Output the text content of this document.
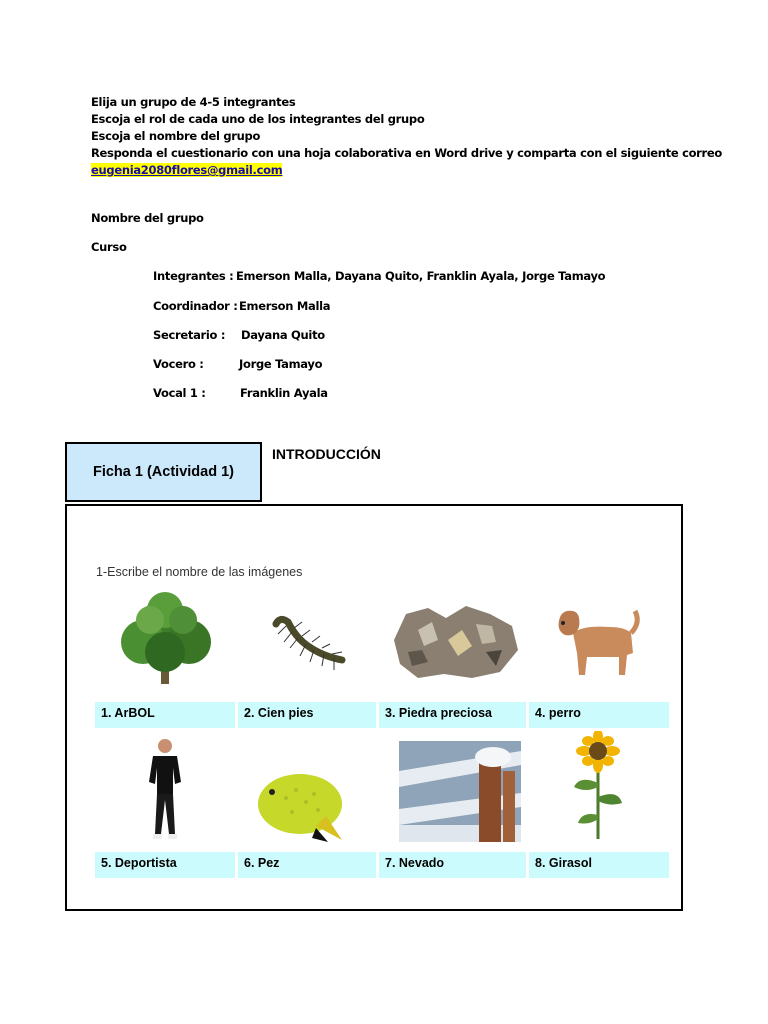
Elija un grupo de 4-5 integrantes
Escoja el rol de cada uno de los integrantes del grupo
Escoja el nombre del grupo
Responda el cuestionario con una hoja colaborativa en Word drive y comparta con el siguiente correo
eugenia2080flores@gmail.com
Nombre del grupo
Curso
Integrantes : Emerson Malla, Dayana Quito, Franklin Ayala, Jorge Tamayo
Coordinador : Emerson Malla
Secretario : Dayana Quito
Vocero :	Jorge Tamayo
Vocal 1 :	Franklin Ayala
Ficha 1 (Actividad 1)
INTRODUCCIÓN
1-Escribe el nombre de las imágenes
1. ArBOL	2. Cien pies	3. Piedra preciosa	4. perro
5. Deportista	6. Pez	7. Nevado	8. Girasol
